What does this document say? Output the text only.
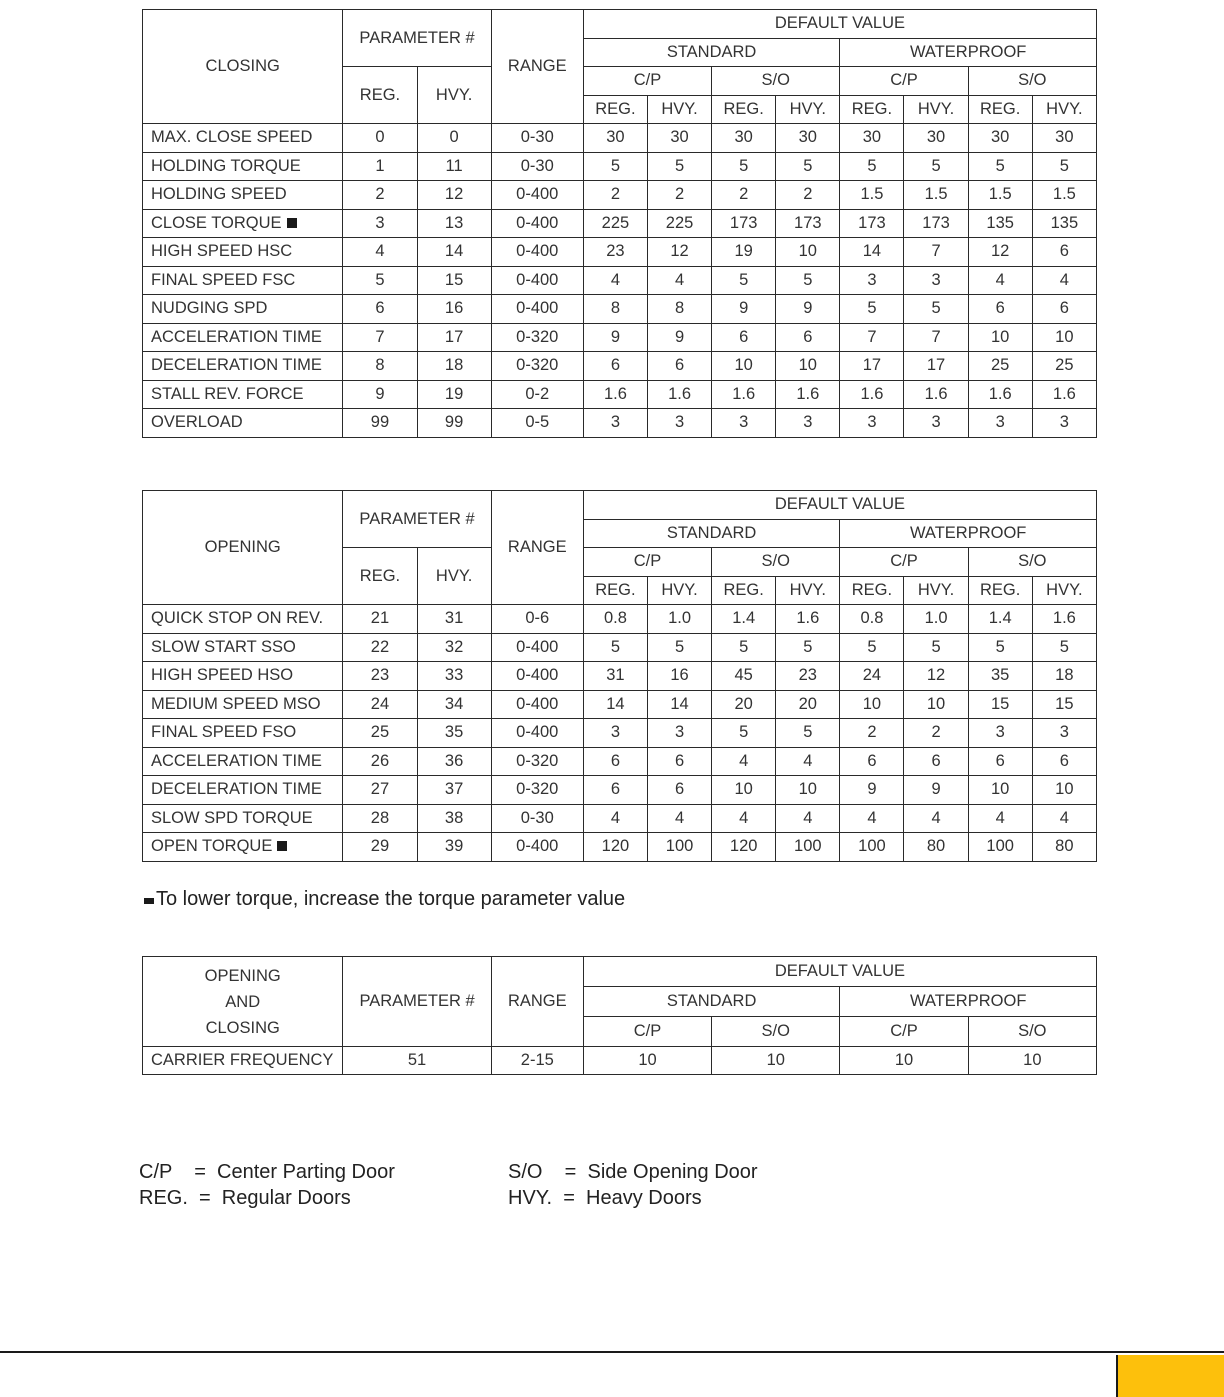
CLOSING	PARAMETER #		RANGE	DEFAULT VALUE							
				STANDARD				WATERPROOF			
	REG.	HVY.		C/P		S/O		C/P		S/O	
				REG.	HVY.	REG.	HVY.	REG.	HVY.	REG.	HVY.
MAX. CLOSE SPEED	0	0	0-30	30	30	30	30	30	30	30	30
HOLDING TORQUE	1	11	0-30	5	5	5	5	5	5	5	5
HOLDING SPEED	2	12	0-400	2	2	2	2	1.5	1.5	1.5	1.5
CLOSE TORQUE	3	13	0-400	225	225	173	173	173	173	135	135
HIGH SPEED HSC	4	14	0-400	23	12	19	10	14	7	12	6
FINAL SPEED FSC	5	15	0-400	4	4	5	5	3	3	4	4
NUDGING SPD	6	16	0-400	8	8	9	9	5	5	6	6
ACCELERATION TIME	7	17	0-320	9	9	6	6	7	7	10	10
DECELERATION TIME	8	18	0-320	6	6	10	10	17	17	25	25
STALL REV. FORCE	9	19	0-2	1.6	1.6	1.6	1.6	1.6	1.6	1.6	1.6
OVERLOAD	99	99	0-5	3	3	3	3	3	3	3	3
OPENING	PARAMETER #		RANGE	DEFAULT VALUE							
				STANDARD				WATERPROOF			
	REG.	HVY.		C/P		S/O		C/P		S/O	
				REG.	HVY.	REG.	HVY.	REG.	HVY.	REG.	HVY.
QUICK STOP ON REV.	21	31	0-6	0.8	1.0	1.4	1.6	0.8	1.0	1.4	1.6
SLOW START SSO	22	32	0-400	5	5	5	5	5	5	5	5
HIGH SPEED HSO	23	33	0-400	31	16	45	23	24	12	35	18
MEDIUM SPEED MSO	24	34	0-400	14	14	20	20	10	10	15	15
FINAL SPEED FSO	25	35	0-400	3	3	5	5	2	2	3	3
ACCELERATION TIME	26	36	0-320	6	6	4	4	6	6	6	6
DECELERATION TIME	27	37	0-320	6	6	10	10	9	9	10	10
SLOW SPD TORQUE	28	38	0-30	4	4	4	4	4	4	4	4
OPEN TORQUE	29	39	0-400	120	100	120	100	100	80	100	80
To lower torque, increase the torque parameter value
OPENING
AND
CLOSING	PARAMETER #	RANGE	DEFAULT VALUE			
			STANDARD		WATERPROOF	
			C/P	S/O	C/P	S/O
CARRIER FREQUENCY	51	2-15	10	10	10	10
C/P    =  Center Parting Door
REG.  =  Regular Doors
S/O    =  Side Opening Door
HVY.  =  Heavy Doors
